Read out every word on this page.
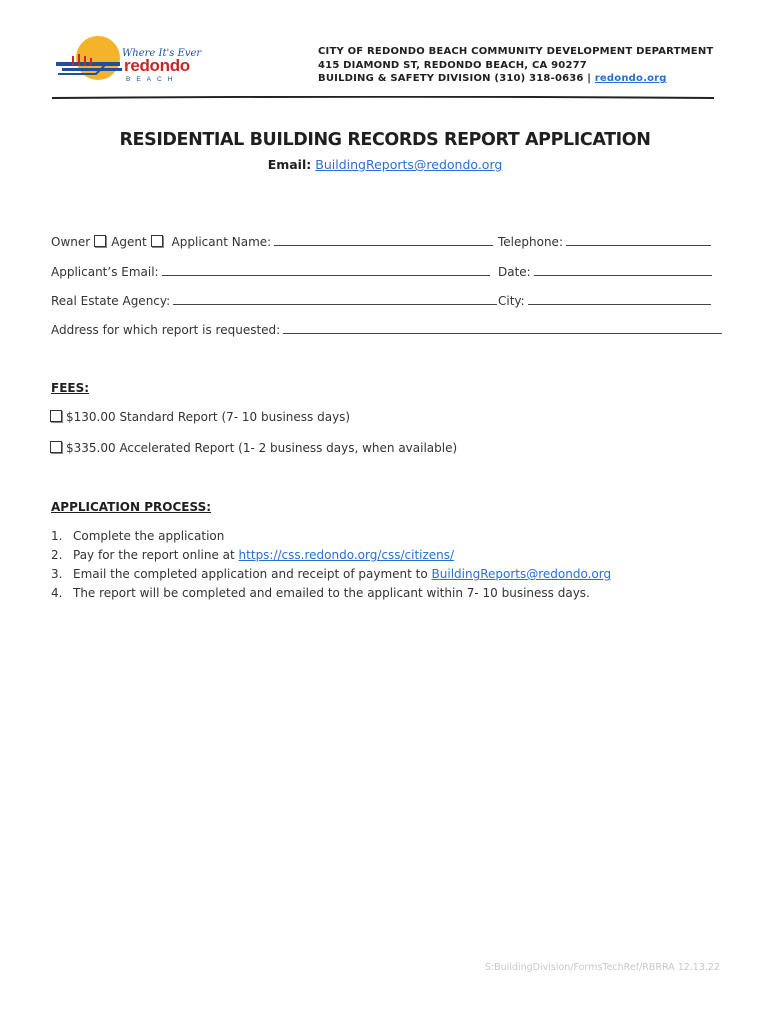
Where It's Ever
redondo
BEACH
CITY OF REDONDO BEACH COMMUNITY DEVELOPMENT DEPARTMENT
415 DIAMOND ST, REDONDO BEACH, CA 90277
BUILDING & SAFETY DIVISION (310) 318-0636 | redondo.org
RESIDENTIAL BUILDING RECORDS REPORT APPLICATION
Email: BuildingReports@redondo.org
Owner Agent Applicant Name:	Telephone:
Applicant’s Email:	Date:
Real Estate Agency:	City:
Address for which report is requested:
FEES:
$130.00 Standard Report (7- 10 business days)
$335.00 Accelerated Report (1- 2 business days, when available)
APPLICATION PROCESS:
1. Complete the application
2. Pay for the report online at https://css.redondo.org/css/citizens/
3. Email the completed application and receipt of payment to BuildingReports@redondo.org
4. The report will be completed and emailed to the applicant within 7- 10 business days.
S:BuildingDivision/FormsTechRef/RBRRA 12.13.22
